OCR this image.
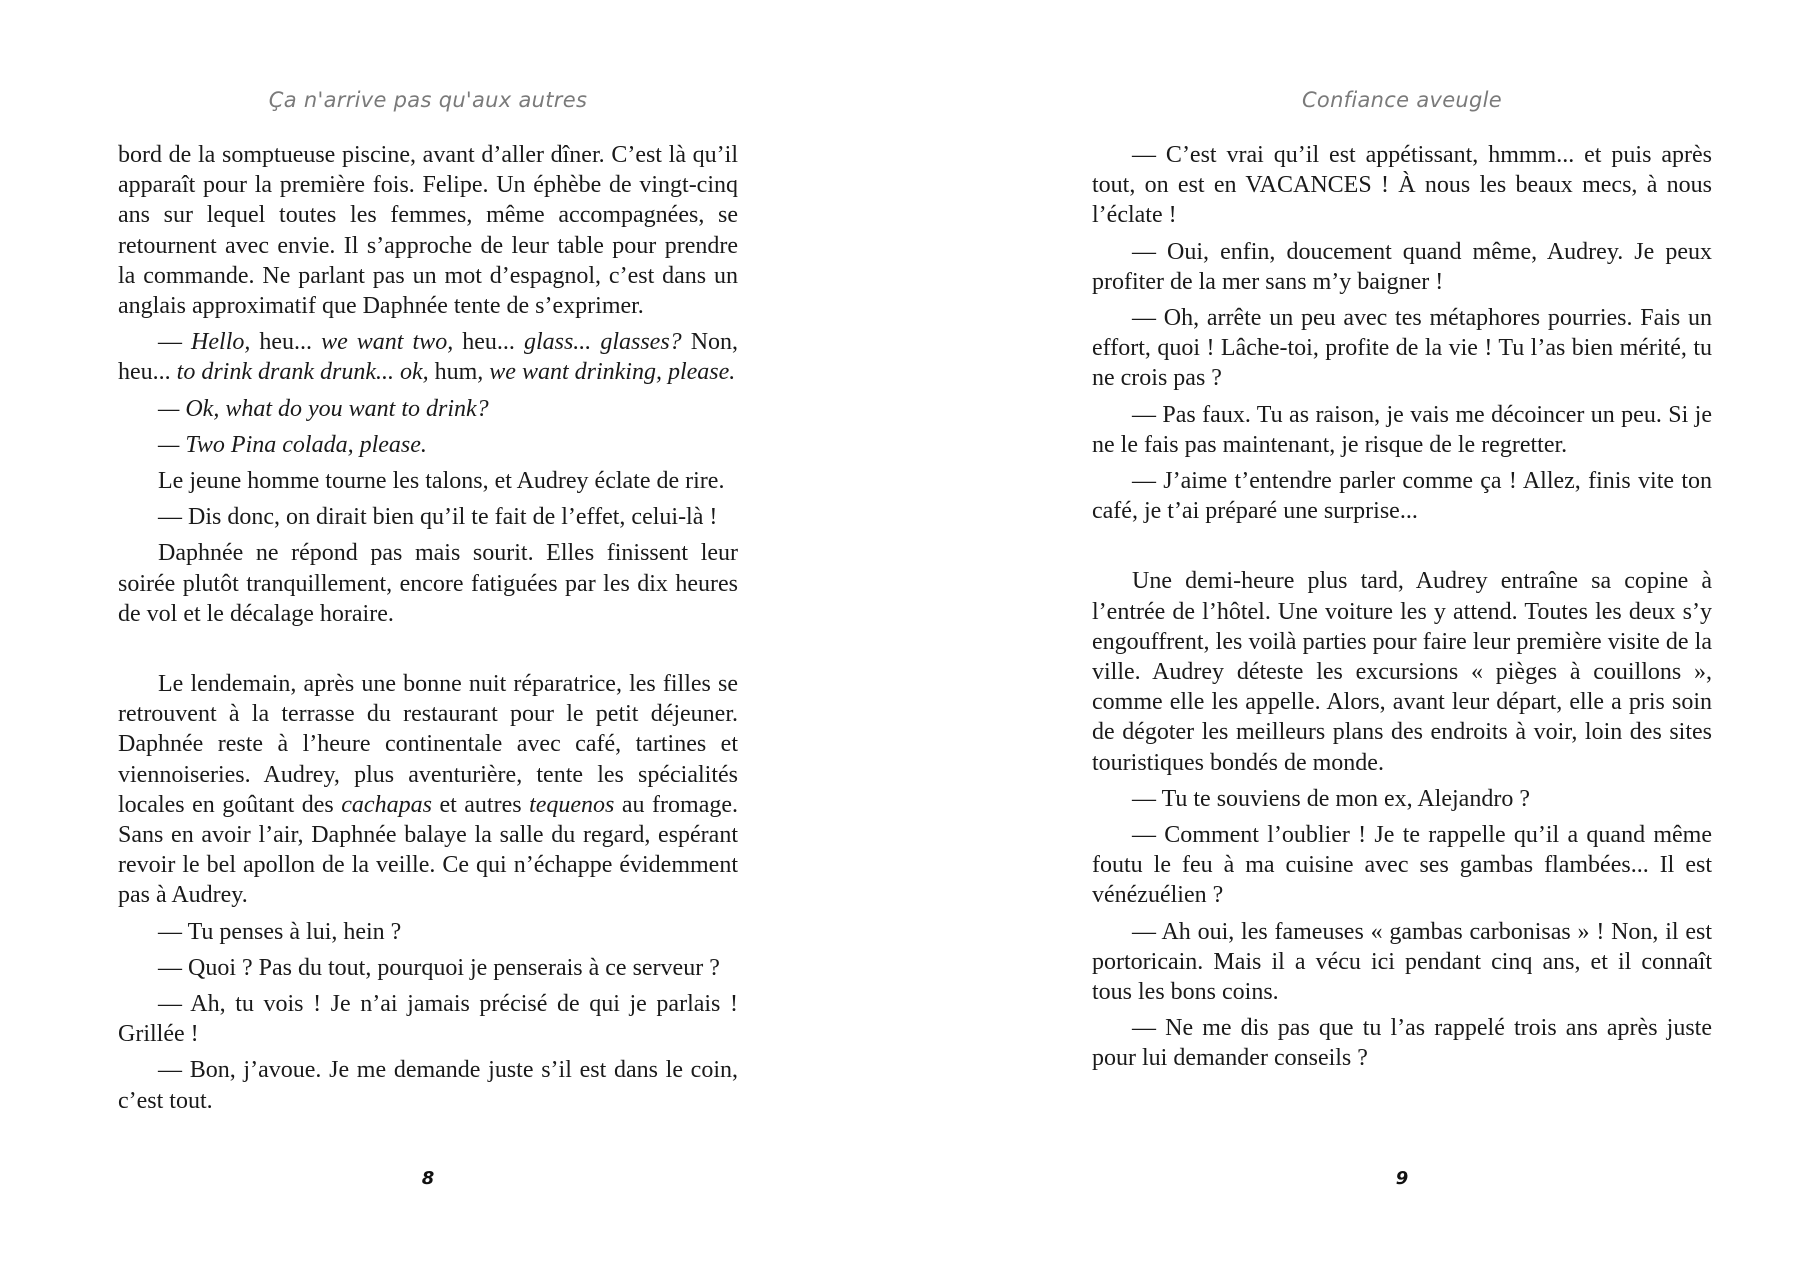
Ça n'arrive pas qu'aux autres

bord de la somptueuse piscine, avant d’aller dîner. C’est là qu’il apparaît pour la première fois. Felipe. Un éphèbe de vingt-cinq ans sur lequel toutes les femmes, même accompagnées, se retournent avec envie. Il s’approche de leur table pour prendre la commande. Ne parlant pas un mot d’espagnol, c’est dans un anglais approximatif que Daphnée tente de s’exprimer.

— Hello, heu... we want two, heu... glass... glasses? Non, heu... to drink drank drunk... ok, hum, we want drinking, please.

— Ok, what do you want to drink?

— Two Pina colada, please.

Le jeune homme tourne les talons, et Audrey éclate de rire.

— Dis donc, on dirait bien qu’il te fait de l’effet, celui-là !

Daphnée ne répond pas mais sourit. Elles finissent leur soirée plutôt tranquillement, encore fatiguées par les dix heures de vol et le décalage horaire.

Le lendemain, après une bonne nuit réparatrice, les filles se retrouvent à la terrasse du restaurant pour le petit déjeuner. Daphnée reste à l’heure continentale avec café, tartines et viennoiseries. Audrey, plus aventurière, tente les spécialités locales en goûtant des cachapas et autres tequenos au fromage. Sans en avoir l’air, Daphnée balaye la salle du regard, espérant revoir le bel apollon de la veille. Ce qui n’échappe évidemment pas à Audrey.

— Tu penses à lui, hein ?

— Quoi ? Pas du tout, pourquoi je penserais à ce serveur ?

— Ah, tu vois ! Je n’ai jamais précisé de qui je parlais ! Grillée !

— Bon, j’avoue. Je me demande juste s’il est dans le coin, c’est tout.

8
Confiance aveugle

— C’est vrai qu’il est appétissant, hmmm... et puis après tout, on est en VACANCES ! À nous les beaux mecs, à nous l’éclate !

— Oui, enfin, doucement quand même, Audrey. Je peux profiter de la mer sans m’y baigner !

— Oh, arrête un peu avec tes métaphores pourries. Fais un effort, quoi ! Lâche-toi, profite de la vie ! Tu l’as bien mérité, tu ne crois pas ?

— Pas faux. Tu as raison, je vais me décoincer un peu. Si je ne le fais pas maintenant, je risque de le regretter.

— J’aime t’entendre parler comme ça ! Allez, finis vite ton café, je t’ai préparé une surprise...

Une demi-heure plus tard, Audrey entraîne sa copine à l’entrée de l’hôtel. Une voiture les y attend. Toutes les deux s’y engouffrent, les voilà parties pour faire leur première visite de la ville. Audrey déteste les excursions « pièges à couillons », comme elle les appelle. Alors, avant leur départ, elle a pris soin de dégoter les meilleurs plans des endroits à voir, loin des sites touristiques bondés de monde.

— Tu te souviens de mon ex, Alejandro ?

— Comment l’oublier ! Je te rappelle qu’il a quand même foutu le feu à ma cuisine avec ses gambas flambées... Il est vénézuélien ?

— Ah oui, les fameuses « gambas carbonisas » ! Non, il est portoricain. Mais il a vécu ici pendant cinq ans, et il connaît tous les bons coins.

— Ne me dis pas que tu l’as rappelé trois ans après juste pour lui demander conseils ?

9
